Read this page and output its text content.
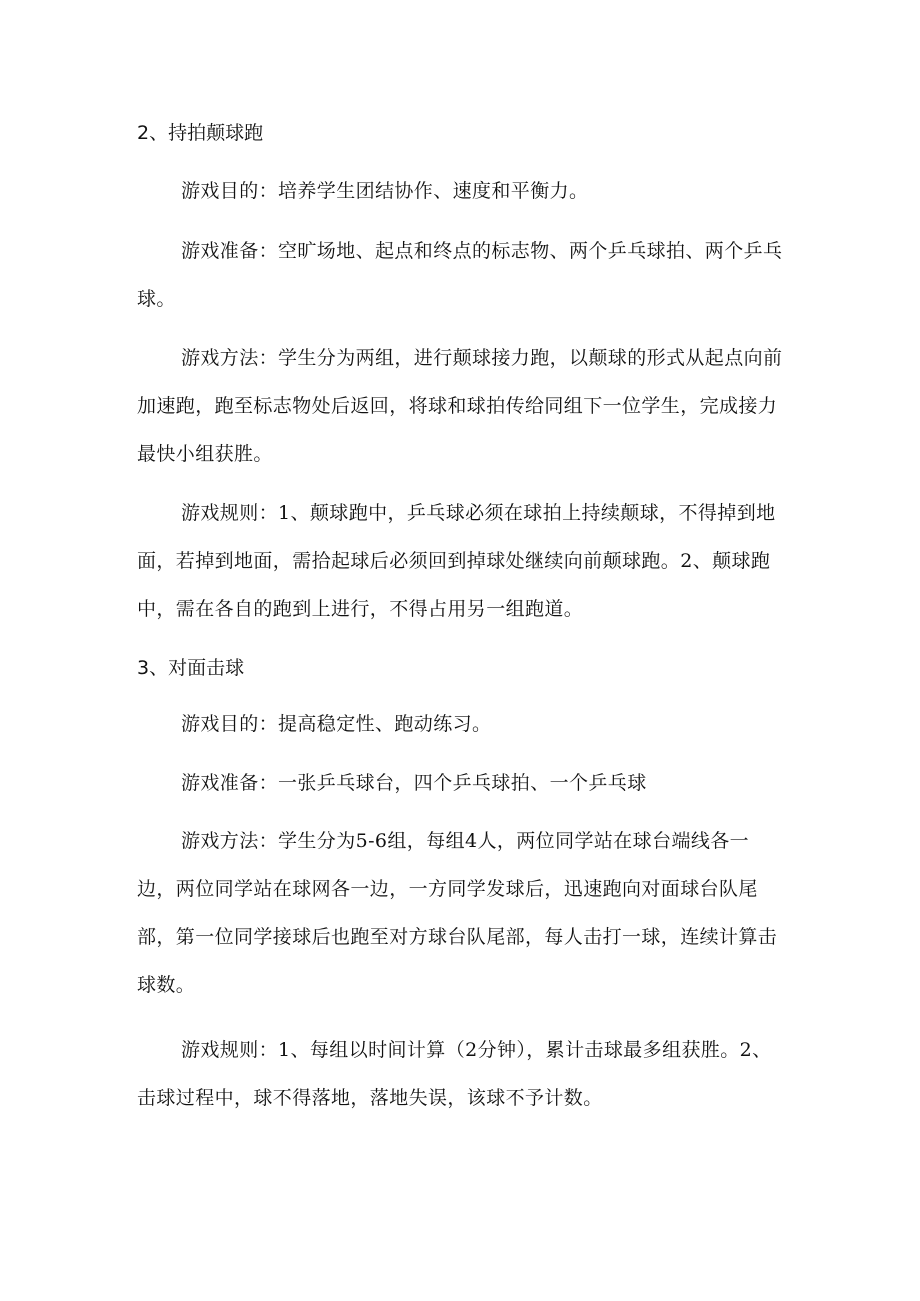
2、持拍颠球跑
游戏目的：培养学生团结协作、速度和平衡力。
游戏准备：空旷场地、起点和终点的标志物、两个乒乓球拍、两个乒乓球。
游戏方法：学生分为两组，进行颠球接力跑，以颠球的形式从起点向前加速跑，跑至标志物处后返回，将球和球拍传给同组下一位学生，完成接力最快小组获胜。
游戏规则：1、颠球跑中，乒乓球必须在球拍上持续颠球，不得掉到地面，若掉到地面，需拾起球后必须回到掉球处继续向前颠球跑。2、颠球跑中，需在各自的跑到上进行，不得占用另一组跑道。
3、对面击球
游戏目的：提高稳定性、跑动练习。
游戏准备：一张乒乓球台，四个乒乓球拍、一个乒乓球
游戏方法：学生分为5-6组，每组4人，两位同学站在球台端线各一边，两位同学站在球网各一边，一方同学发球后，迅速跑向对面球台队尾部，第一位同学接球后也跑至对方球台队尾部，每人击打一球，连续计算击球数。
游戏规则：1、每组以时间计算（2分钟），累计击球最多组获胜。2、击球过程中，球不得落地，落地失误，该球不予计数。
